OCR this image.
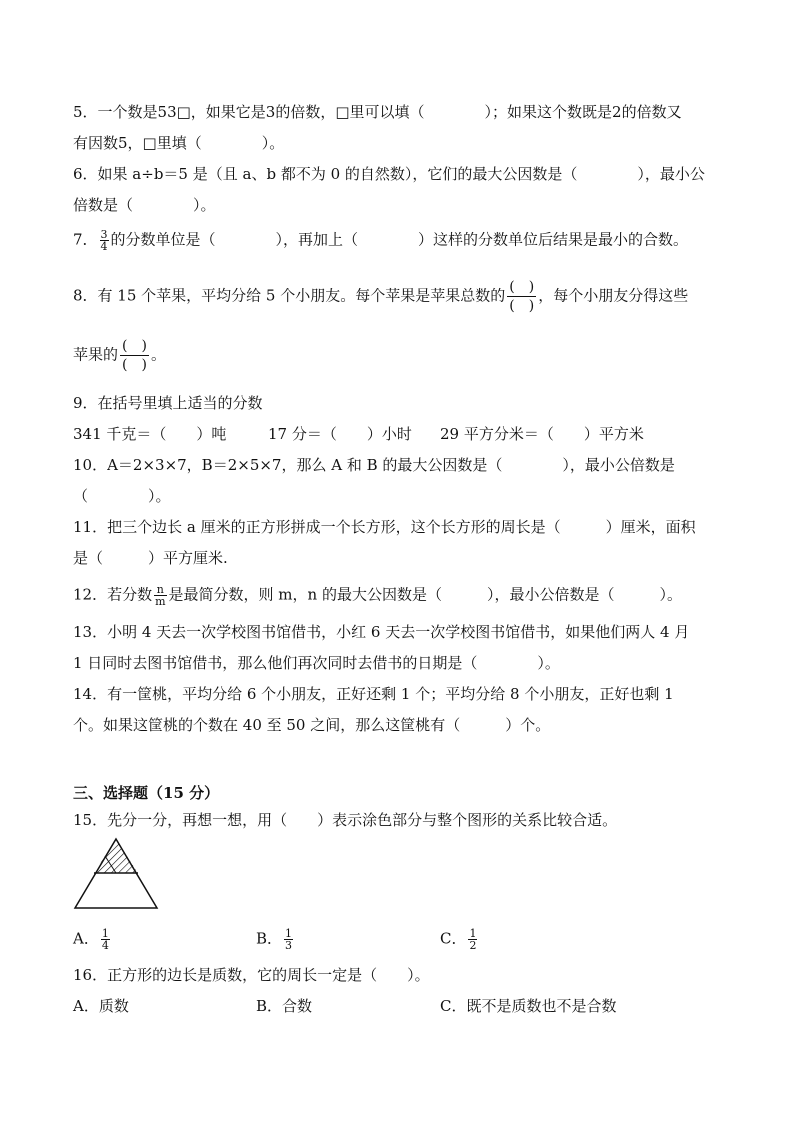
5．一个数是53□，如果它是3的倍数，□里可以填（　　　　）；如果这个数既是2的倍数又
有因数5，□里填（　　　　）。
6．如果 a÷b＝5 是（且 a、b 都不为 0 的自然数），它们的最大公因数是（　　　　），最小公
倍数是（　　　　）。
7． $\frac{3}{4}$ 的分数单位是（　　　　），再加上（　　　　）这样的分数单位后结果是最小的合数。
8．有 15 个苹果，平均分给 5 个小朋友。每个苹果是苹果总数的 $\frac{( )}{( )}$ ，每个小朋友分得这些
苹果的 $\frac{( )}{( )}$ 。
9．在括号里填上适当的分数
341 千克＝（　　）吨	17 分＝（　　）小时 29 平方分米＝（　　）平方米
10．A＝2×3×7，B＝2×5×7，那么 A 和 B 的最大公因数是（　　　　），最小公倍数是
（　　　　）。
11．把三个边长 a 厘米的正方形拼成一个长方形，这个长方形的周长是（　　　）厘米，面积
是（　　　）平方厘米.
12．若分数 $\frac{n}{m}$ 是最简分数，则 m，n 的最大公因数是（　　　），最小公倍数是（　　　）。
13．小明 4 天去一次学校图书馆借书，小红 6 天去一次学校图书馆借书，如果他们两人 4 月
1 日同时去图书馆借书，那么他们再次同时去借书的日期是（　　　　）。
14．有一筐桃，平均分给 6 个小朋友，正好还剩 1 个；平均分给 8 个小朋友，正好也剩 1
个。如果这筐桃的个数在 40 至 50 之间，那么这筐桃有（　　　）个。
三、选择题（15 分）
15．先分一分，再想一想，用（　　）表示涂色部分与整个图形的关系比较合适。
A． $\frac{1}{4}$	B． $\frac{1}{3}$	C． $\frac{1}{2}$
16．正方形的边长是质数，它的周长一定是（　　）。
A．质数	B．合数	C．既不是质数也不是合数
